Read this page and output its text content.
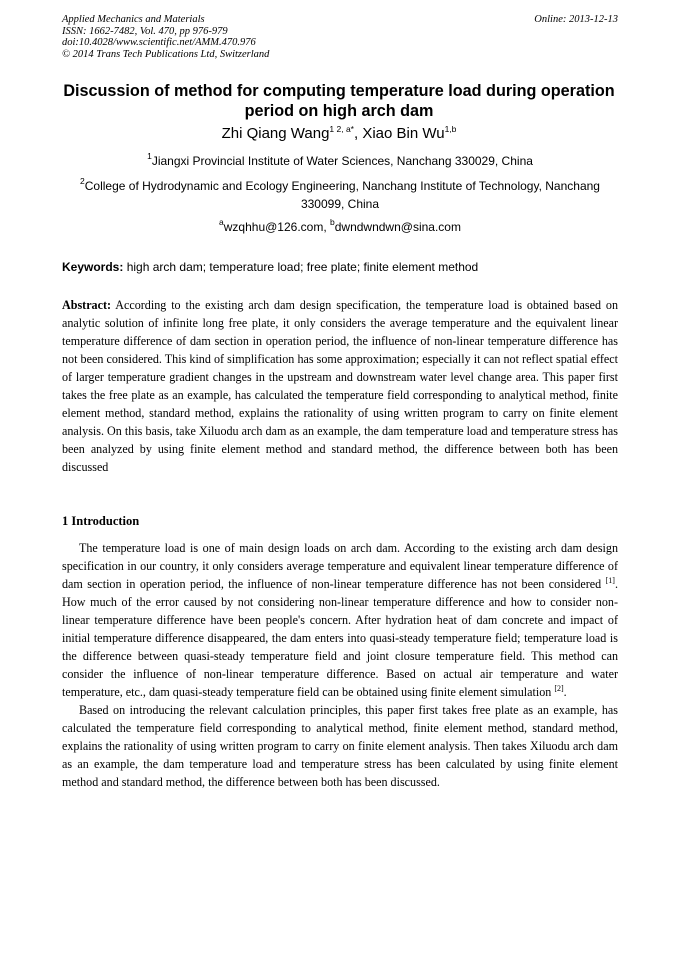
Applied Mechanics and Materials
ISSN: 1662-7482, Vol. 470, pp 976-979
doi:10.4028/www.scientific.net/AMM.470.976
© 2014 Trans Tech Publications Ltd, Switzerland
Online: 2013-12-13
Discussion of method for computing temperature load during operation period on high arch dam
Zhi Qiang Wang$^{1 2, a*}$, Xiao Bin Wu$^{1,b}$
$^1$Jiangxi Provincial Institute of Water Sciences, Nanchang 330029, China
$^2$College of Hydrodynamic and Ecology Engineering, Nanchang Institute of Technology, Nanchang 330099, China
$^a$wzqhhu@126.com, $^b$dwndwndwn@sina.com
Keywords: high arch dam; temperature load; free plate; finite element method
Abstract: According to the existing arch dam design specification, the temperature load is obtained based on analytic solution of infinite long free plate, it only considers the average temperature and the equivalent linear temperature difference of dam section in operation period, the influence of non-linear temperature difference has not been considered. This kind of simplification has some approximation; especially it can not reflect spatial effect of larger temperature gradient changes in the upstream and downstream water level change area. This paper first takes the free plate as an example, has calculated the temperature field corresponding to analytical method, finite element method, standard method, explains the rationality of using written program to carry on finite element analysis. On this basis, take Xiluodu arch dam as an example, the dam temperature load and temperature stress has been analyzed by using finite element method and standard method, the difference between both has been discussed
1 Introduction

The temperature load is one of main design loads on arch dam. According to the existing arch dam design specification in our country, it only considers average temperature and equivalent linear temperature difference of dam section in operation period, the influence of non-linear temperature difference has not been considered [1]. How much of the error caused by not considering non-linear temperature difference and how to consider non-linear temperature difference have been people's concern. After hydration heat of dam concrete and impact of initial temperature difference disappeared, the dam enters into quasi-steady temperature field; temperature load is the difference between quasi-steady temperature field and joint closure temperature field. This method can consider the influence of non-linear temperature difference. Based on actual air temperature and water temperature, etc., dam quasi-steady temperature field can be obtained using finite element simulation [2].

Based on introducing the relevant calculation principles, this paper first takes free plate as an example, has calculated the temperature field corresponding to analytical method, finite element method, standard method, explains the rationality of using written program to carry on finite element analysis. Then takes Xiluodu arch dam as an example, the dam temperature load and temperature stress has been calculated by using finite element method and standard method, the difference between both has been discussed.
